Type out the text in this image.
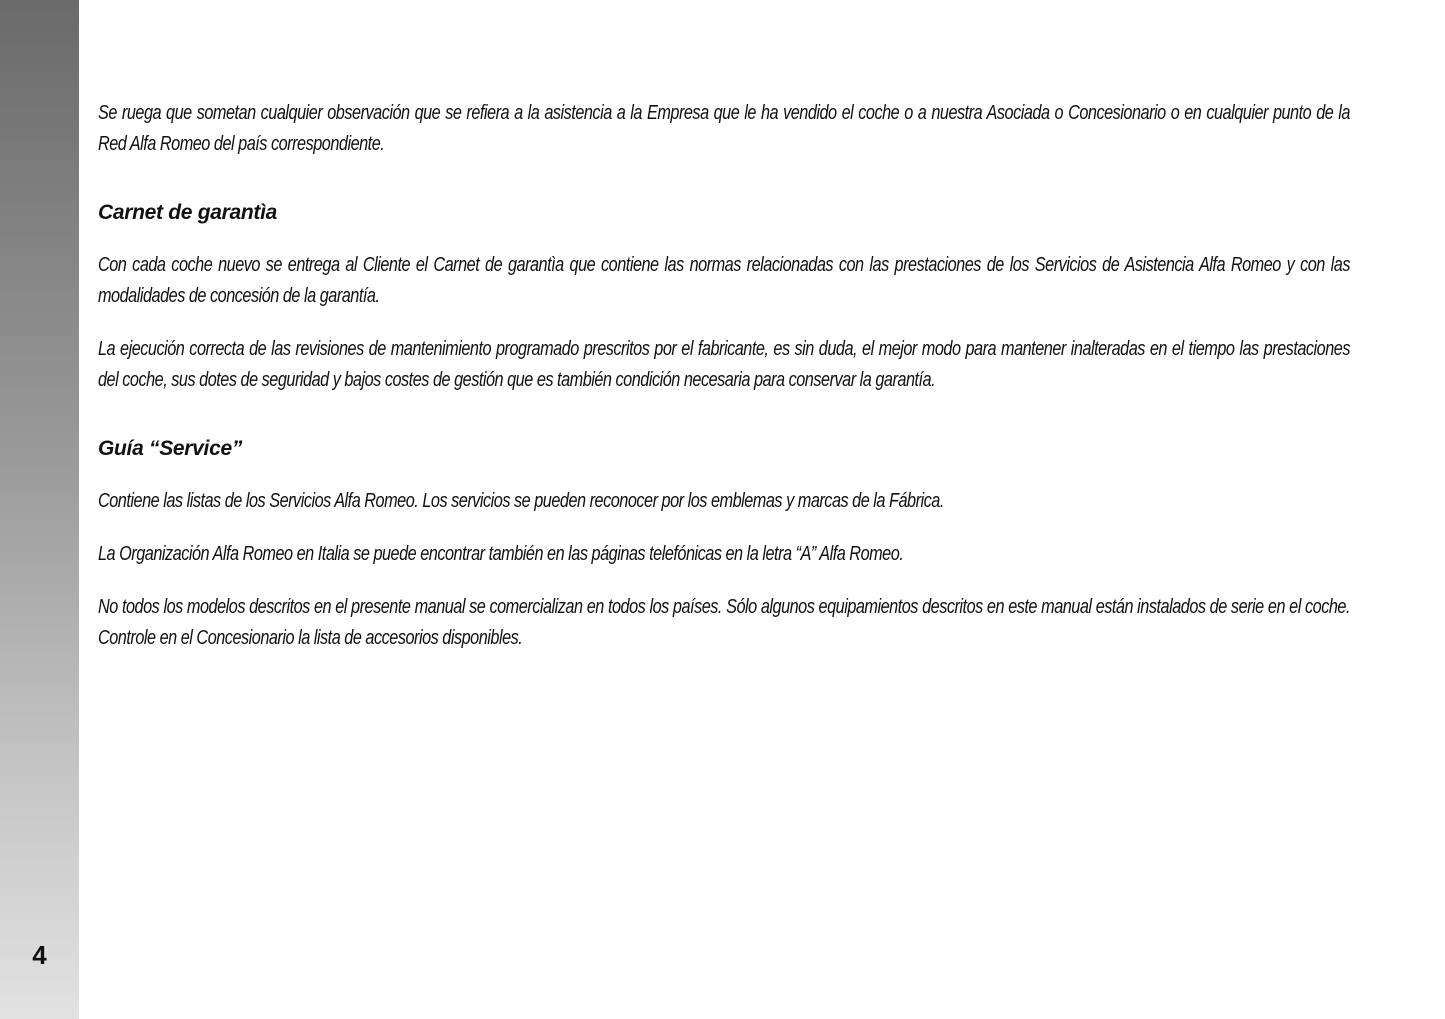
4

Se ruega que sometan cualquier observación que se refiera a la asistencia a la Empresa que le ha vendido el coche o a nuestra Asociada o Concesionario o en cualquier punto de la Red Alfa Romeo del país correspondiente.

Carnet de garantìa

Con cada coche nuevo se entrega al Cliente el Carnet de garantìa que contiene las normas relacionadas con las prestaciones de los Servicios de Asistencia Alfa Romeo y con las modalidades de concesión de la garantía.

La ejecución correcta de las revisiones de mantenimiento programado prescritos por el fabricante, es sin duda, el mejor modo para mantener inalteradas en el tiempo las prestaciones del coche, sus dotes de seguridad y bajos costes de gestión que es también condición necesaria para conservar la garantía.

Guía “Service”

Contiene las listas de los Servicios Alfa Romeo. Los servicios se pueden reconocer por los emblemas y marcas de la Fábrica.

La Organización Alfa Romeo en Italia se puede encontrar también en las páginas telefónicas en la letra “A” Alfa Romeo.

No todos los modelos descritos en el presente manual se comercializan en todos los países. Sólo algunos equipamientos descritos en este manual están instalados de serie en el coche. Controle en el Concesionario la lista de accesorios disponibles.
